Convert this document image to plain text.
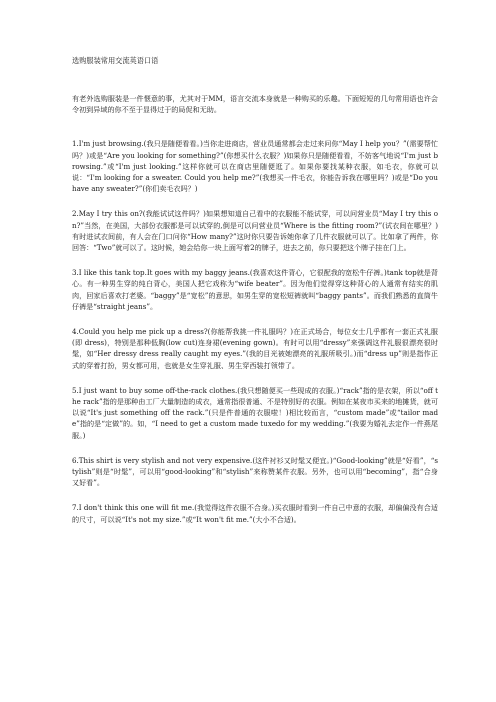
选购服装常用交流英语口语

有老外选购服装是一件惬意的事，尤其对于MM，语言交流本身就是一种购买的乐趣。下面短短的几句常用语也许会令初到异域的你不至于显得过于的局促和无助。

1.I'm just browsing.(我只是随便看看。)当你走进商店，营业员通常都会走过来问你“May I help you？”(需要帮忙吗？)或是“Are you looking for something?”(你想买什么衣服？)如果你只是随便看看，不妨客气地说“I'm just browsing.”或“I'm just looking.”这样你就可以在商店里随便逛了。如果你要找某种衣服，如毛衣，你就可以说：“I'm looking for a sweater. Could you help me?”(我想买一件毛衣，你能告诉我在哪里吗？)或是“Do you have any sweater?”(你们卖毛衣吗？)

2.May I try this on?(我能试试这件吗？)如果想知道自己看中的衣服能不能试穿，可以问营业员“May I try this on?”当然，在美国，大部份衣服都是可以试穿的,倒是可以问营业员“Where is the fitting room?”(试衣间在哪里？)有时进试衣间前，有人会在门口问你“How many?”这时你只要告诉她你拿了几件衣服就可以了。比如拿了两件，你回答：“Two”就可以了。这时候，她会给你一块上面写着2的牌子，进去之前，你只要把这个牌子挂在门上。

3.I like this tank top.It goes with my baggy jeans.(我喜欢这件背心，它很配我的宽松牛仔裤。)tank top就是背心。有一种男生穿的纯白背心，美国人把它戏称为“wife beater”。因为他们觉得穿这种背心的人通常有结实的肌肉，回家后喜欢打老婆。“baggy”是“宽松”的意思，如男生穿的宽松短裤就叫“baggy pants”。而我们熟悉的直筒牛仔裤是“straight jeans”。

4.Could you help me pick up a dress?(你能帮我挑一件礼服吗？)在正式场合，每位女士几乎都有一套正式礼服(即 dress)，特别是那种低胸(low cut)连身裙(evening gown)。有时可以用“dressy”来强调这件礼服很漂亮很时髦，如“Her dressy dress really caught my eyes.”(我的目光被她漂亮的礼服所吸引。)而“dress up”则是指作正式的穿着打扮，男女都可用，也就是女生穿礼服、男生穿西装打领带了。

5.I just want to buy some off-the-rack clothes.(我只想随便买一些现成的衣服。)“rack”指的是衣架，所以“off the rack”指的是那种由工厂大量制造的成衣，通常指很普通、不是特别好的衣服。例如在某夜市买来的地摊货，就可以说“It's just something off the rack.”(只是件普通的衣服啦！)相比较而言，“custom made”或“tailor made”指的是“定做”的。如，“I need to get a custom made tuxedo for my wedding.”(我要为婚礼去定作一件燕尾服。)

6.This shirt is very stylish and not very expensive.(这件衬衫又时髦又便宜。)“Good-looking”就是“好看”，“stylish”则是“时髦”，可以用“good-looking”和“stylish”来称赞某件衣服。另外，也可以用“becoming”，指“合身又好看”。

7.I don't think this one will fit me.(我觉得这件衣服不合身。)买衣服时看到一件自己中意的衣服，却偏偏没有合适的尺寸，可以说“It's not my size.”或“It won't fit me.”(大小不合适)。
